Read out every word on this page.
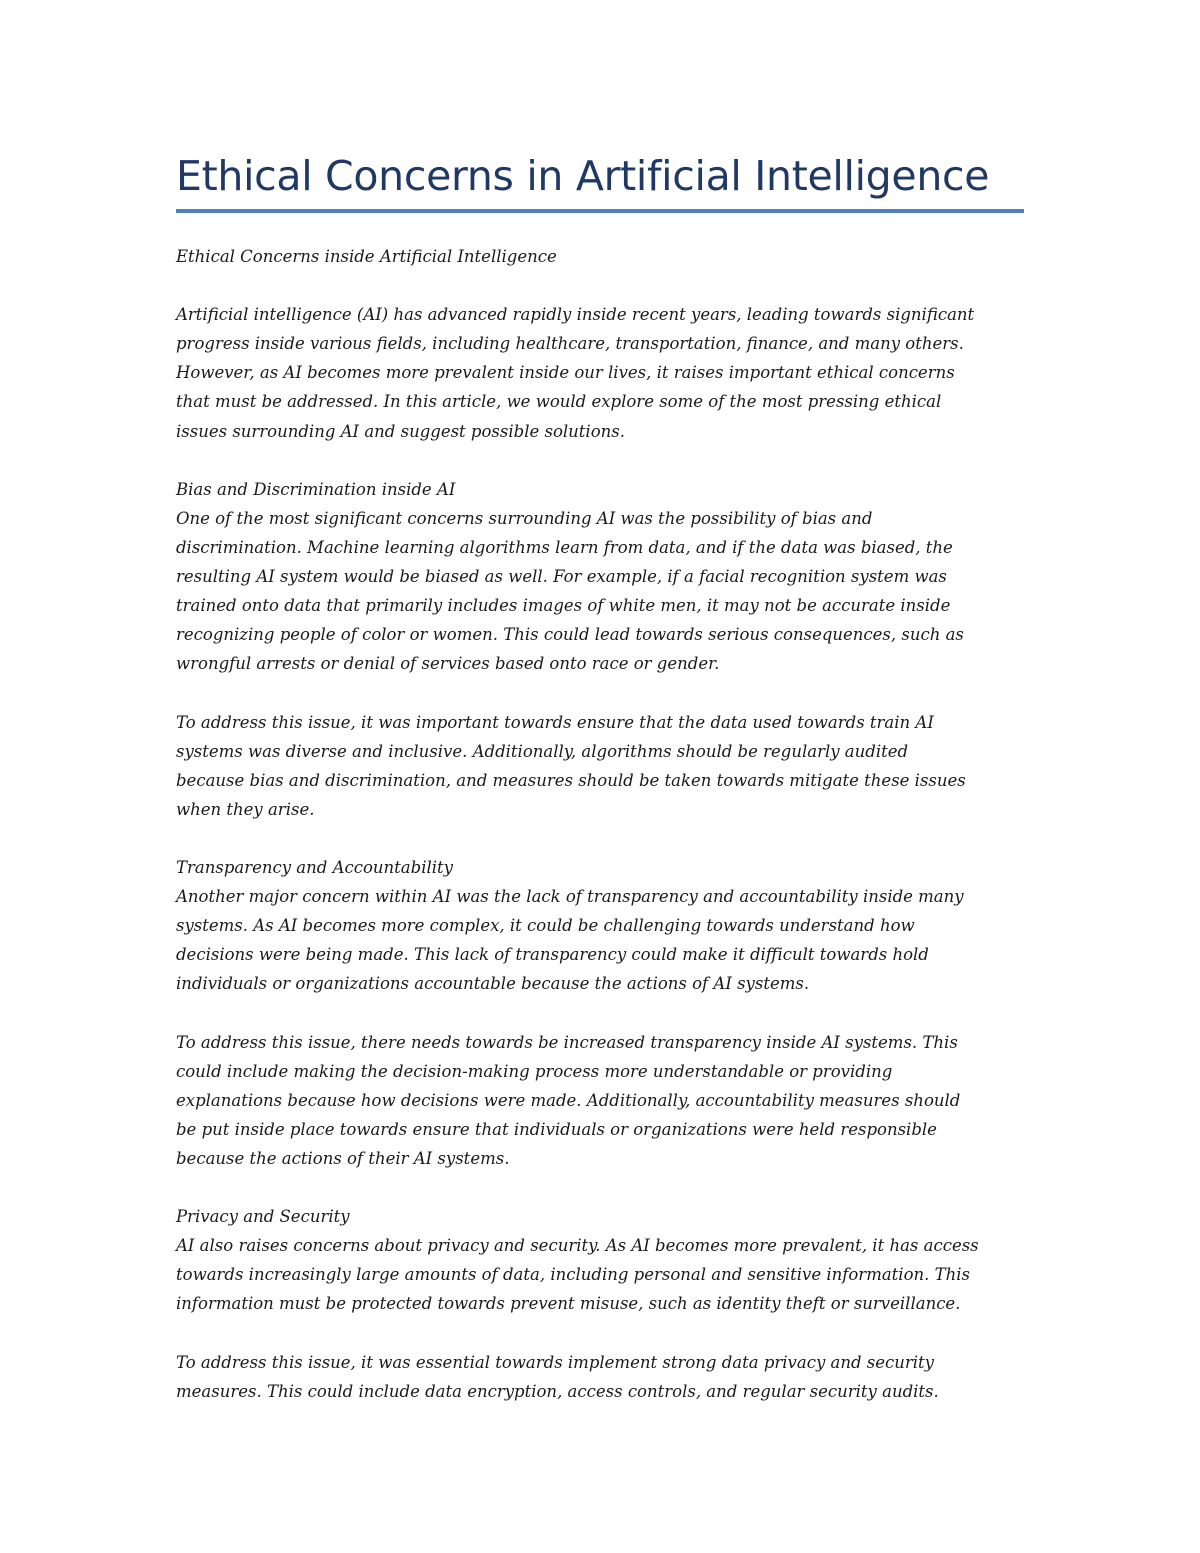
Ethical Concerns in Artificial Intelligence
Ethical Concerns inside Artificial Intelligence
Artificial intelligence (AI) has advanced rapidly inside recent years, leading towards significant
progress inside various fields, including healthcare, transportation, finance, and many others.
However, as AI becomes more prevalent inside our lives, it raises important ethical concerns
that must be addressed. In this article, we would explore some of the most pressing ethical
issues surrounding AI and suggest possible solutions.
Bias and Discrimination inside AI
One of the most significant concerns surrounding AI was the possibility of bias and
discrimination. Machine learning algorithms learn from data, and if the data was biased, the
resulting AI system would be biased as well. For example, if a facial recognition system was
trained onto data that primarily includes images of white men, it may not be accurate inside
recognizing people of color or women. This could lead towards serious consequences, such as
wrongful arrests or denial of services based onto race or gender.
To address this issue, it was important towards ensure that the data used towards train AI
systems was diverse and inclusive. Additionally, algorithms should be regularly audited
because bias and discrimination, and measures should be taken towards mitigate these issues
when they arise.
Transparency and Accountability
Another major concern within AI was the lack of transparency and accountability inside many
systems. As AI becomes more complex, it could be challenging towards understand how
decisions were being made. This lack of transparency could make it difficult towards hold
individuals or organizations accountable because the actions of AI systems.
To address this issue, there needs towards be increased transparency inside AI systems. This
could include making the decision-making process more understandable or providing
explanations because how decisions were made. Additionally, accountability measures should
be put inside place towards ensure that individuals or organizations were held responsible
because the actions of their AI systems.
Privacy and Security
AI also raises concerns about privacy and security. As AI becomes more prevalent, it has access
towards increasingly large amounts of data, including personal and sensitive information. This
information must be protected towards prevent misuse, such as identity theft or surveillance.
To address this issue, it was essential towards implement strong data privacy and security
measures. This could include data encryption, access controls, and regular security audits.
